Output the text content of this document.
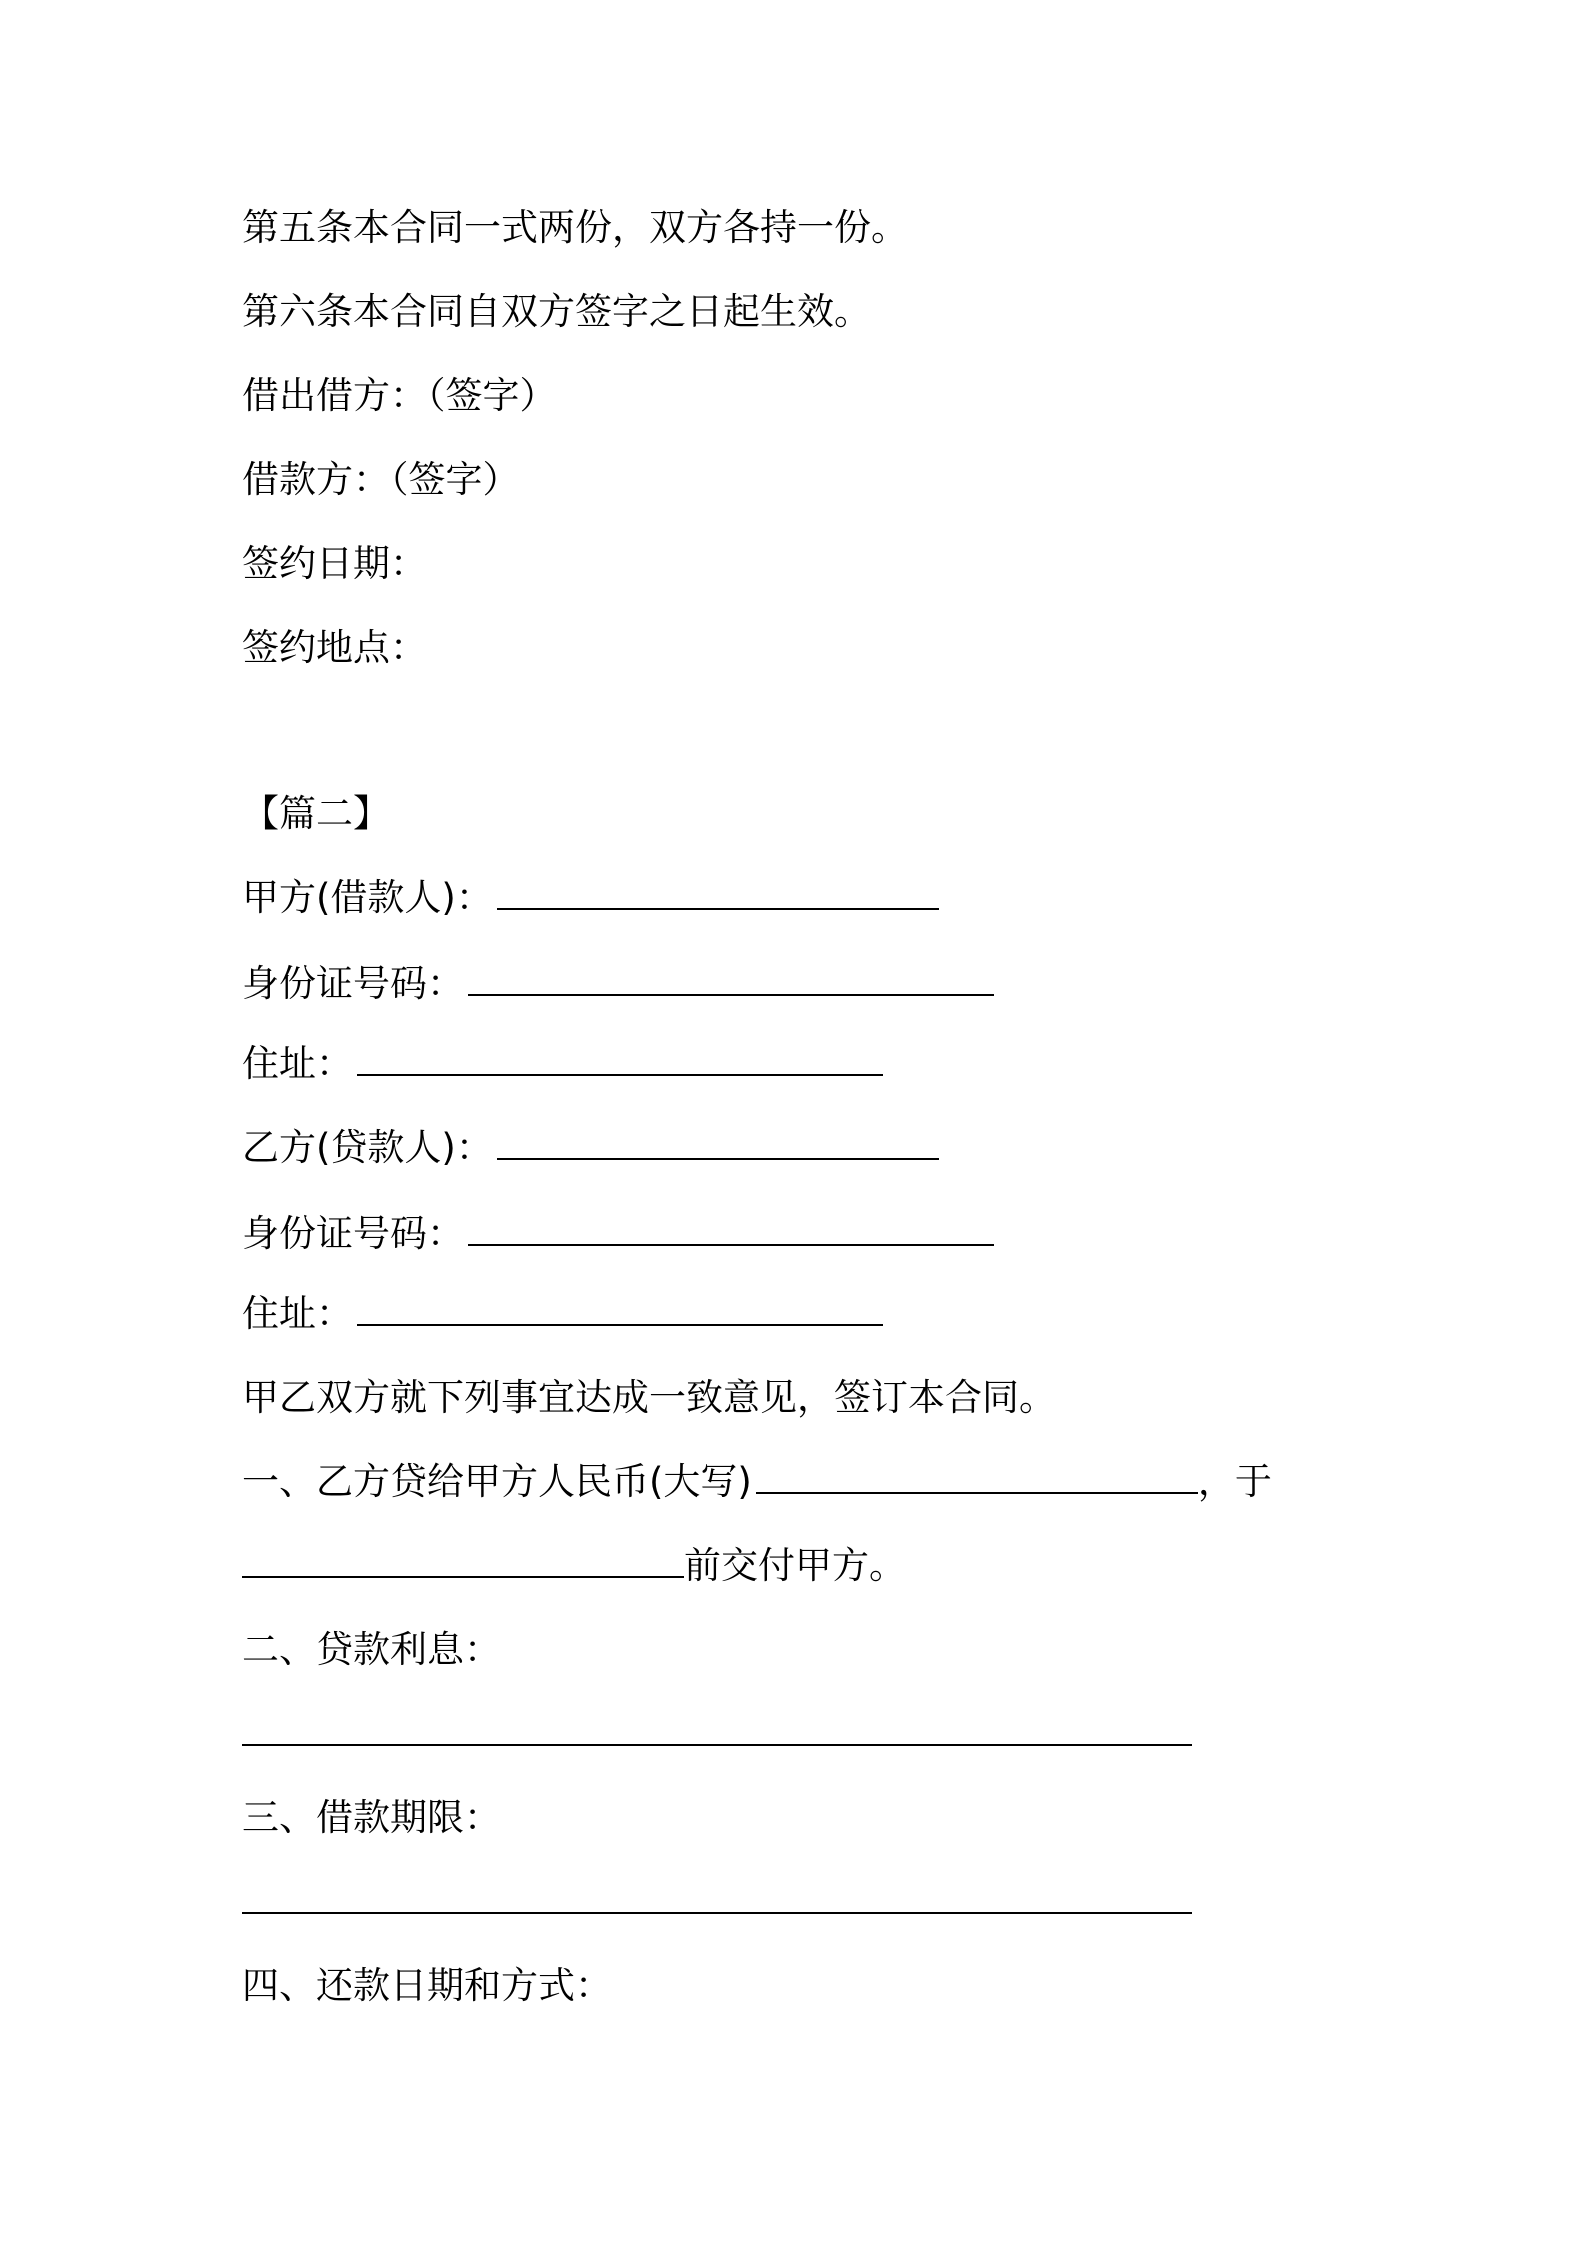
第五条本合同一式两份，双方各持一份。
第六条本合同自双方签字之日起生效。
借出借方：（签字）
借款方：（签字）
签约日期：
签约地点：
【篇二】
甲方(借款人)：
身份证号码：
住址：
乙方(贷款人)：
身份证号码：
住址：
甲乙双方就下列事宜达成一致意见，签订本合同。
一、乙方贷给甲方人民币(大写)	，于
前交付甲方。
二、贷款利息：
三、借款期限：
四、还款日期和方式：
